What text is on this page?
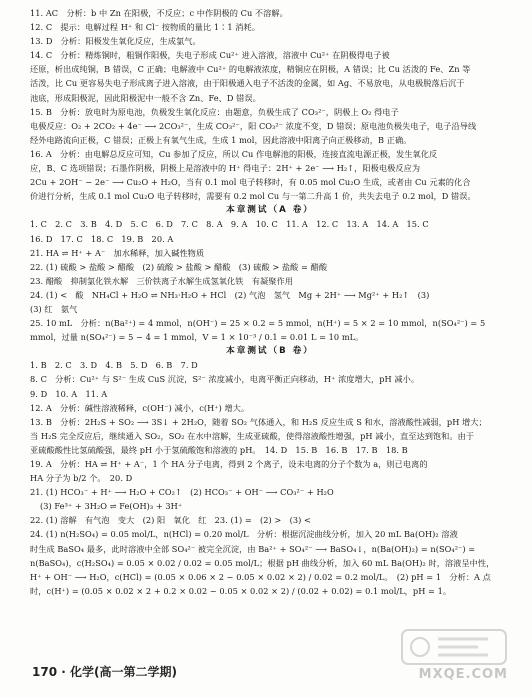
11. AC　分析：b 中 Zn 在阳极，不反应；c 中作阴极的 Cu 不溶解。
12. C　提示：电解过程 H⁺ 和 Cl⁻ 按物质的量比 1∶1 消耗。
13. D　分析：阳极发生氧化反应，生成氯气。
14. C　分析：精炼铜时，粗铜作阳极，失电子形成 Cu²⁺ 进入溶液，溶液中 Cu²⁺ 在阴极得电子被
还原，析出成纯铜，B 错误，C 正确；电解液中 Cu²⁺ 的电解液浓度，精铜应在阴极，A 错误；比 Cu 活泼的 Fe、Zn 等
活泼，比 Cu 更容易失电子形成离子进入溶液，由于阳极通入电子不活泼的金属，如 Ag、不易放电，从电极脱落后沉于
池底，形成阳极泥，因此阳极泥中一般不含 Zn、Fe、D 错误。
15. B　分析：放电时为原电池，负极发生氧化反应：由题意，负极生成了 CO₃²⁻，阴极上 O₂ 得电子
电极反应：O₂ + 2CO₂ + 4e⁻ ⟶ 2CO₃²⁻，生成 CO₃²⁻，阳 CO₃²⁻ 浓度不变，D 错误；原电池负极失电子，电子沿导线
经外电路流向正极，C 错误；正极上有氧气生成，生成 1 mol，因此溶液中阳离子向正极移动，B 正确。
16. A　分析：由电解总反应可知，Cu 参加了反应，所以 Cu 作电解池的阳极，连接直流电源正极，发生氧化反
应，B、C 选项错误；石墨作阴极，阴极上是溶液中的 H⁺ 得电子：2H⁺ + 2e⁻ ⟶ H₂↑，阳极电极反应为
2Cu + 2OH⁻ − 2e⁻ ⟶ Cu₂O + H₂O，当有 0.1 mol 电子转移时，有 0.05 mol Cu₂O 生成，或者由 Cu 元素的化合
价进行分析，生成 0.1 mol Cu₂O 电子转移时，需要有 0.2 mol Cu 与一第二升高 1 价，共失去电子 0.2 mol，D 错误。
本章测试（A 卷）
1. C　2. C　3. B　4. D　5. C　6. D　7. C　8. A　9. A　10. C　11. A　12. C　13. A　14. A　15. C
16. D　17. C　18. C　19. B　20. A
21. HA ⇌ H⁺ + A⁻　加水稀释，加入碱性物质
22. (1) 硫酸 > 盐酸 > 醋酸　(2) 硫酸 > 盐酸 > 醋酸　(3) 硫酸 > 盐酸 = 醋酸
23. 醋酸　抑制氯化铁水解　三价铁离子水解生成氢氧化铁　有凝聚作用
24. (1) <　酸　NH₄Cl + H₂O ⇌ NH₃·H₂O + HCl　(2) 气泡　氢气　Mg + 2H⁺ ⟶ Mg²⁺ + H₂↑　(3)
(3) 红　氨气
25. 10 mL　分析：n(Ba²⁺) = 4 mmol，n(OH⁻) = 25 × 0.2 = 5 mmol，n(H⁺) = 5 × 2 = 10 mmol，n(SO₄²⁻) = 5
mmol，过量 n(SO₄²⁻) = 5 − 4 = 1 mmol，V = 1 × 10⁻³ / 0.1 = 0.01 L = 10 mL。
本章测试（B 卷）
1. B　2. C　3. D　4. B　5. D　6. B　7. D
8. C　分析：Cu²⁺ 与 S²⁻ 生成 CuS 沉淀，S²⁻ 浓度减小，电离平衡正向移动，H⁺ 浓度增大，pH 减小。
9. D　10. A　11. A
12. A　分析：碱性溶液稀释，c(OH⁻) 减小，c(H⁺) 增大。
13. B　分析：2H₂S + SO₂ ⟶ 3S↓ + 2H₂O，随着 SO₂ 气体通入，和 H₂S 反应生成 S 和水，溶液酸性减弱，pH 增大；
当 H₂S 完全反应后，继续通入 SO₂，SO₂ 在水中溶解，生成亚硫酸，使得溶液酸性增强，pH 减小，直至达到饱和。由于
亚硫酸酸性比氢硫酸强，最终 pH 小于氢硫酸饱和溶液的 pH。　14. D　15. B　16. B　17. B　18. B
19. A　分析：HA ⇌ H⁺ + A⁻，1 个 HA 分子电离，得到 2 个离子，设未电离的分子个数为 a，则已电离的
HA 分子为 b/2 个。　20. D
21. (1) HCO₃⁻ + H⁺ ⟶ H₂O + CO₂↑　(2) HCO₃⁻ + OH⁻ ⟶ CO₃²⁻ + H₂O
(3) Fe³⁺ + 3H₂O ⇌ Fe(OH)₃ + 3H⁺
22. (1) 溶解　有气泡　变大　(2) 阳　氧化　红　23. (1) =　(2) >　(3) <
24. (1) n(H₂SO₄) = 0.05 mol/L，n(HCl) = 0.20 mol/L　分析：根据沉淀曲线分析，加入 20 mL Ba(OH)₂ 溶液
时生成 BaSO₄ 最多，此时溶液中全部 SO₄²⁻ 被完全沉淀，由 Ba²⁺ + SO₄²⁻ ⟶ BaSO₄↓，n(Ba(OH)₂) = n(SO₄²⁻) =
n(BaSO₄)，c(H₂SO₄) = 0.05 × 0.02 / 0.02 = 0.05 mol/L；根据 pH 曲线分析，加入 60 mL Ba(OH)₂ 时，溶液呈中性，
H⁺ + OH⁻ ⟶ H₂O，c(HCl) = (0.05 × 0.06 × 2 − 0.05 × 0.02 × 2) / 0.02 = 0.2 mol/L。　(2) pH = 1　分析：A 点
时，c(H⁺) = (0.05 × 0.02 × 2 + 0.2 × 0.02 − 0.05 × 0.02 × 2) / (0.02 + 0.02) = 0.1 mol/L，pH = 1。
170 · 化学(高一第二学期)	MXQE.COM
